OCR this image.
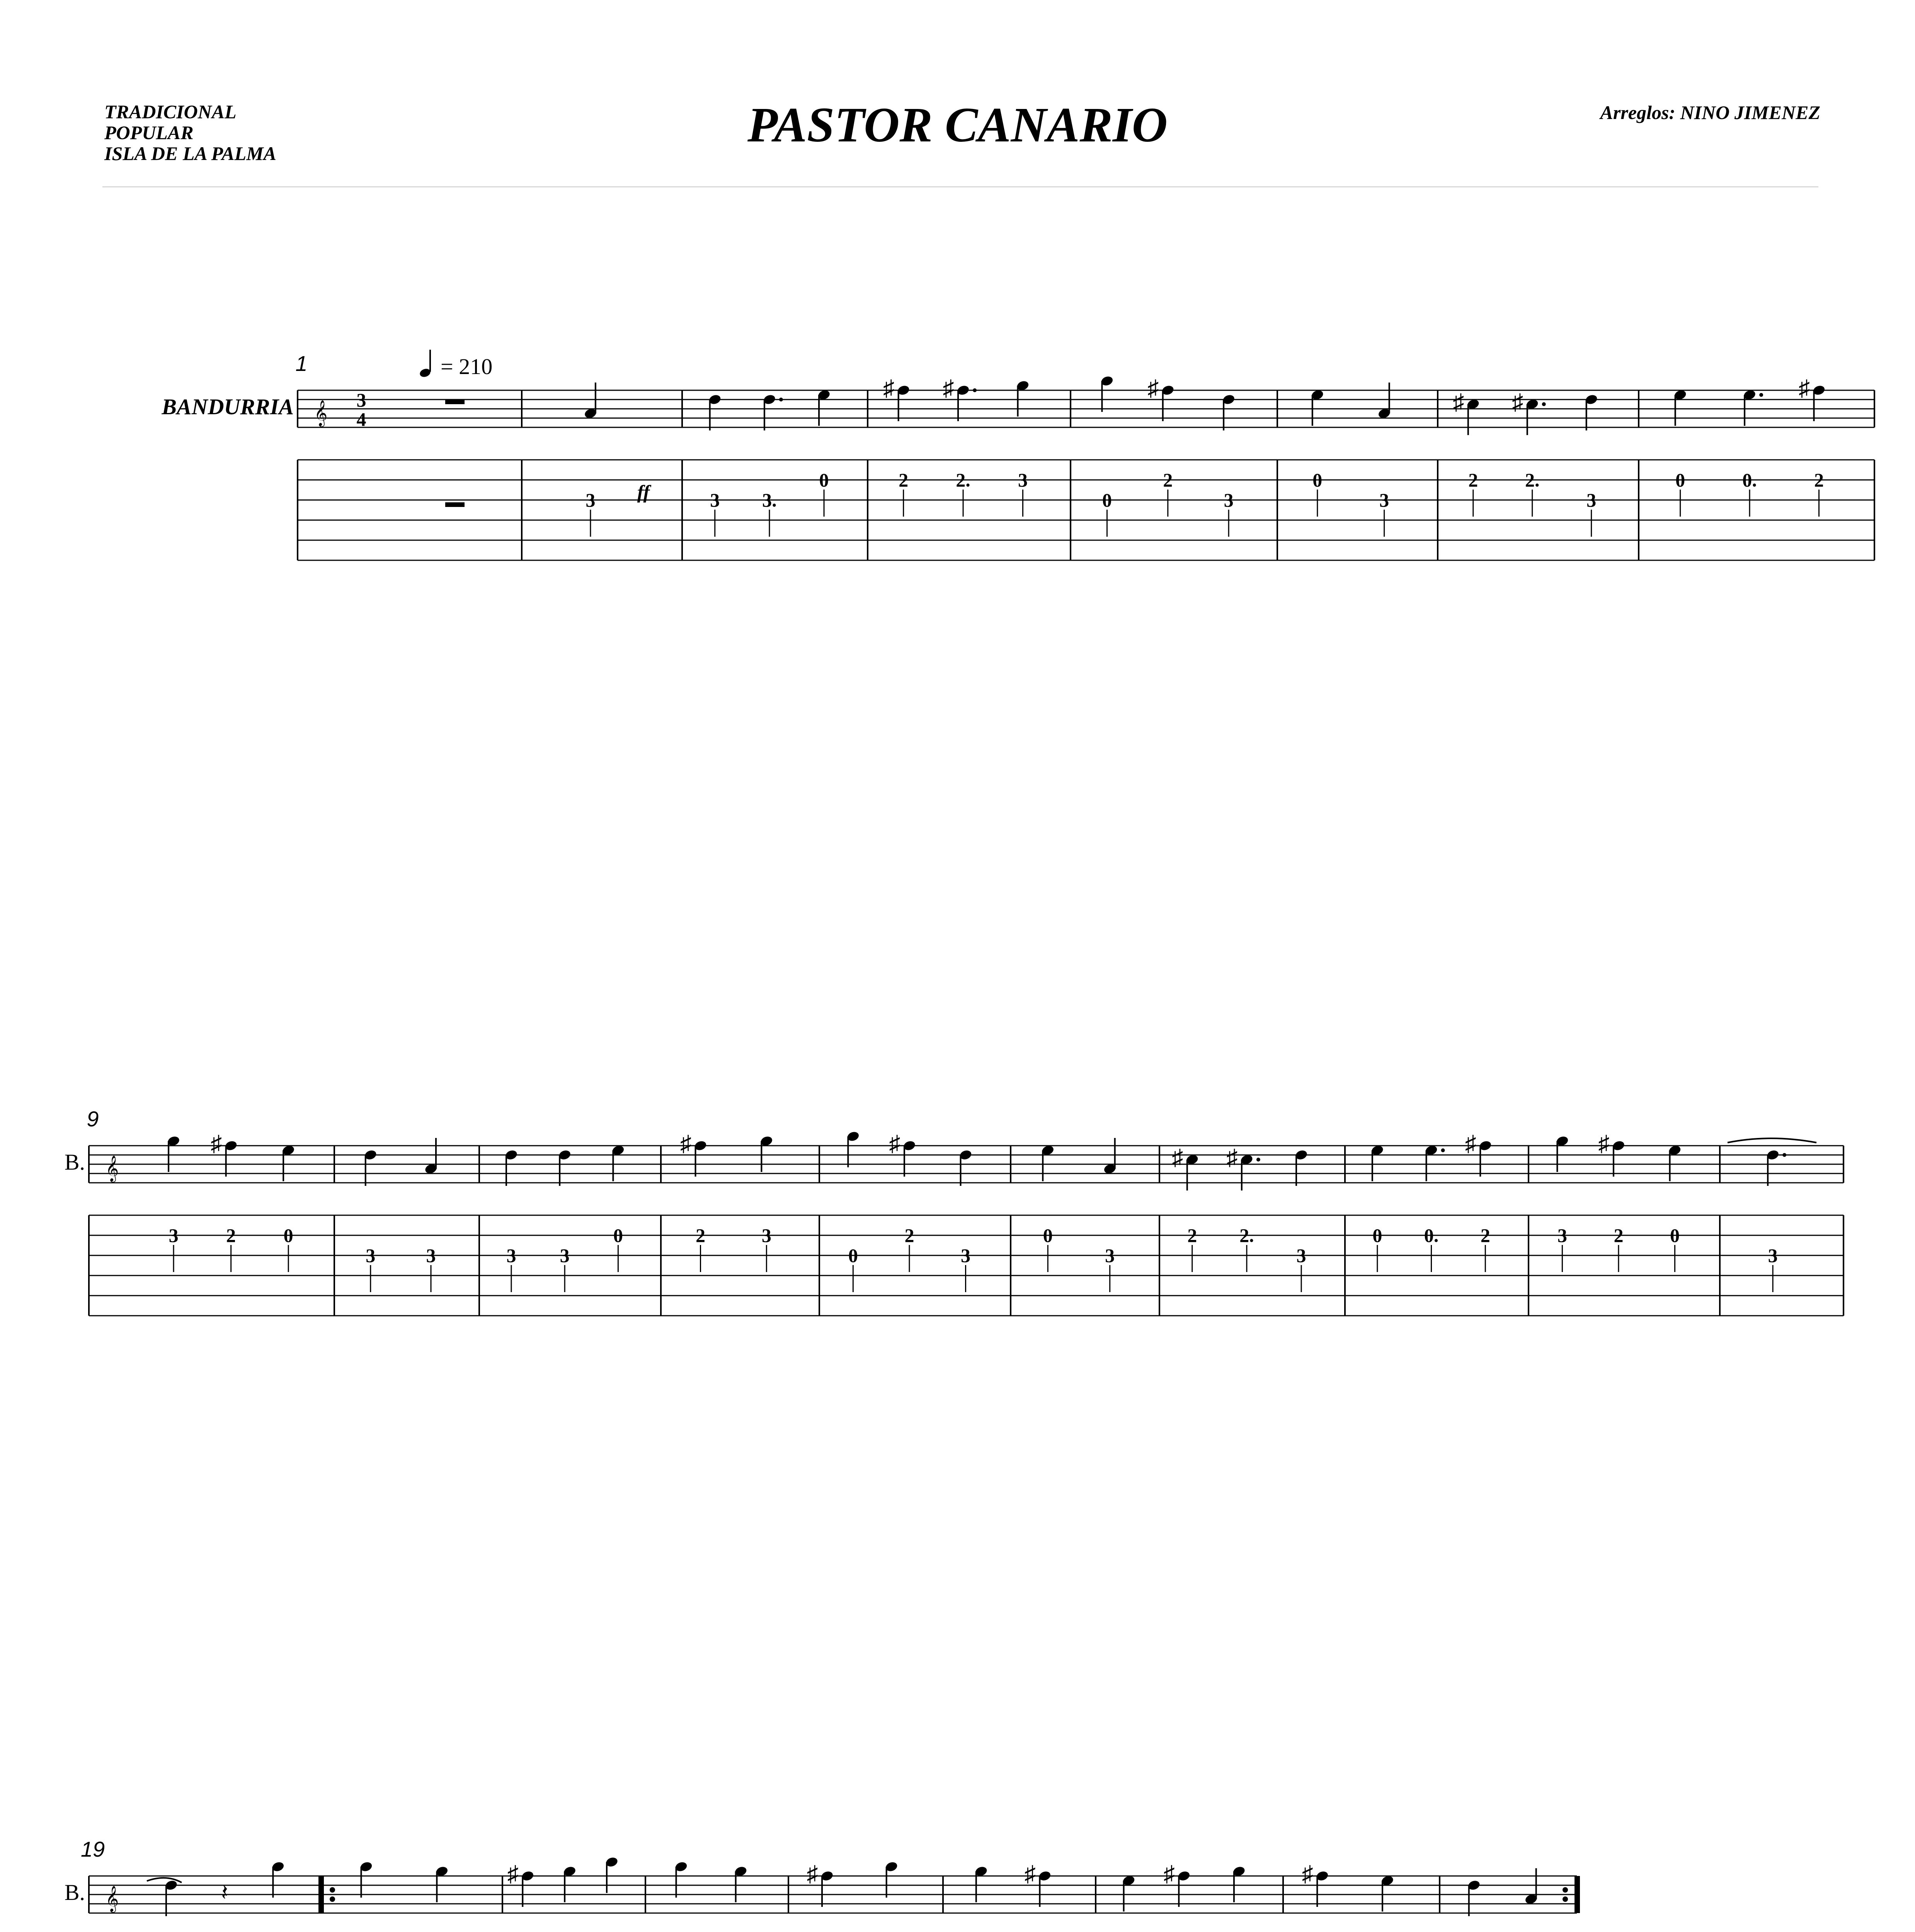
TRADICIONAL
POPULAR
ISLA DE LA PALMA
PASTOR CANARIO	Arreglos: NINO JIMENEZ
BANDURRIA
1
𝄞
3
4
= 210
ff
3	3 3.
0
♯
2
♯
2. 3
0
♯
2
3
0
3
♯
2
♯
2.
3
0	0.
♯
2
B.
9
𝄞
3
♯
2 0
3	3	3 3
0
♯
2	3
0
♯
2
3
0
3
♯
2
♯
2.
3
0 0.
♯
2	3
♯
2 0
3
B.
19
𝄞	𝄽
♯	♯	♯	♯	♯
